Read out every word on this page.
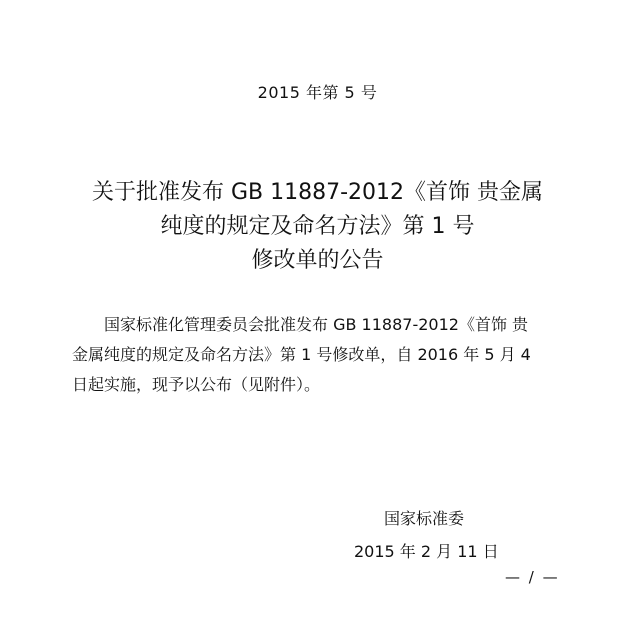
2015 年第 5 号
关于批准发布 GB 11887-2012《首饰 贵金属
纯度的规定及命名方法》第 1 号
修改单的公告
国家标准化管理委员会批准发布 GB 11887-2012《首饰 贵
金属纯度的规定及命名方法》第 1 号修改单，自 2016 年 5 月 4
日起实施，现予以公布（见附件）。
国家标准委
2015 年 2 月 11 日
— / —
